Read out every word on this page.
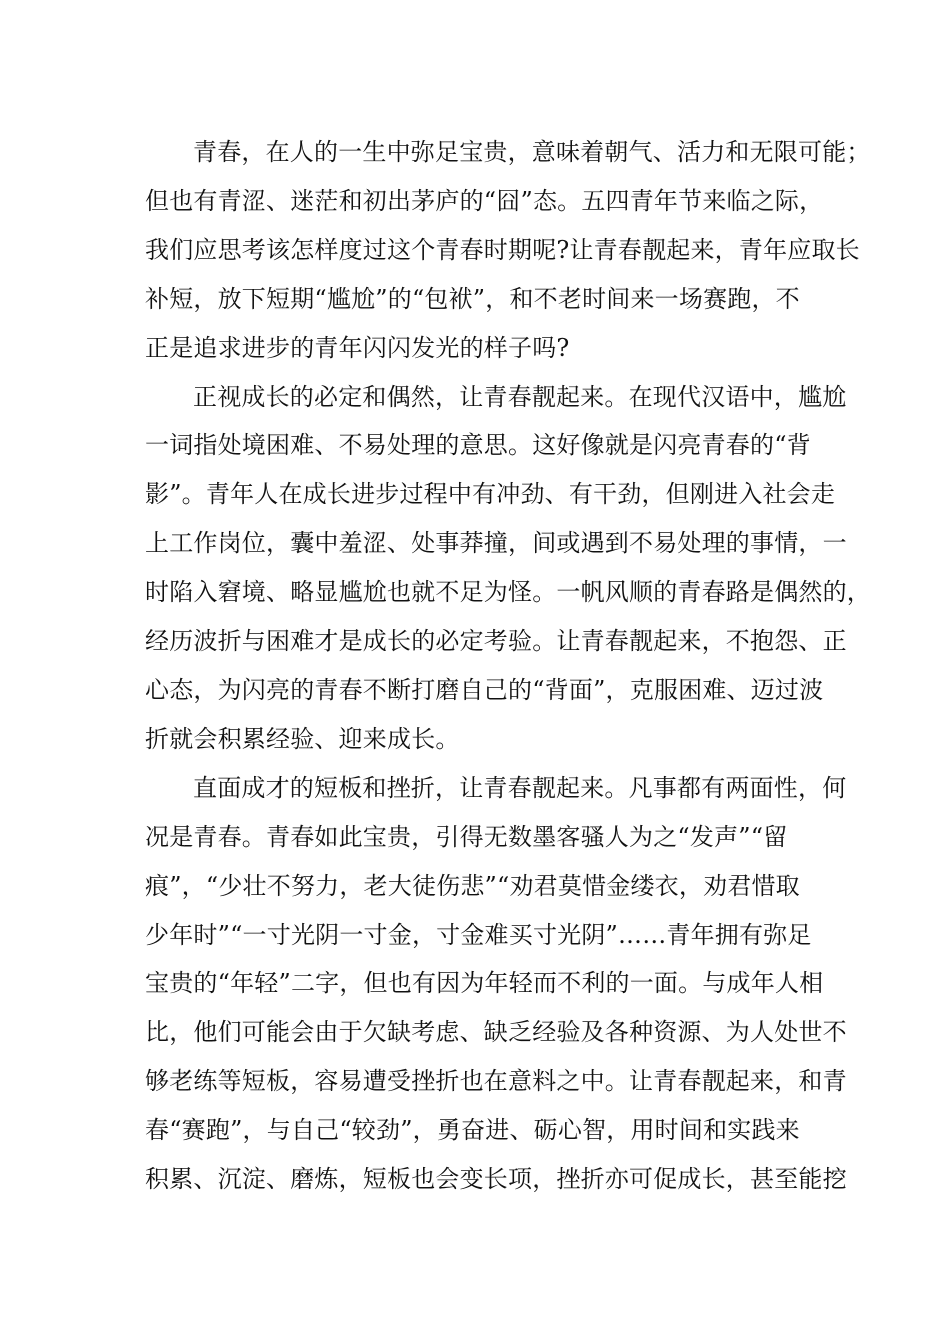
青春，在人的一生中弥足宝贵，意味着朝气、活力和无限可能；
但也有青涩、迷茫和初出茅庐的“囧”态。五四青年节来临之际，
我们应思考该怎样度过这个青春时期呢?让青春靓起来，青年应取长
补短，放下短期“尴尬”的“包袱”，和不老时间来一场赛跑，不
正是追求进步的青年闪闪发光的样子吗?
正视成长的必定和偶然，让青春靓起来。在现代汉语中，尴尬
一词指处境困难、不易处理的意思。这好像就是闪亮青春的“背
影”。青年人在成长进步过程中有冲劲、有干劲，但刚进入社会走
上工作岗位，囊中羞涩、处事莽撞，间或遇到不易处理的事情，一
时陷入窘境、略显尴尬也就不足为怪。一帆风顺的青春路是偶然的，
经历波折与困难才是成长的必定考验。让青春靓起来，不抱怨、正
心态，为闪亮的青春不断打磨自己的“背面”，克服困难、迈过波
折就会积累经验、迎来成长。
直面成才的短板和挫折，让青春靓起来。凡事都有两面性，何
况是青春。青春如此宝贵，引得无数墨客骚人为之“发声”“留
痕”，“少壮不努力，老大徒伤悲”“劝君莫惜金缕衣，劝君惜取
少年时”“一寸光阴一寸金，寸金难买寸光阴”……青年拥有弥足
宝贵的“年轻”二字，但也有因为年轻而不利的一面。与成年人相
比，他们可能会由于欠缺考虑、缺乏经验及各种资源、为人处世不
够老练等短板，容易遭受挫折也在意料之中。让青春靓起来，和青
春“赛跑”，与自己“较劲”，勇奋进、砺心智，用时间和实践来
积累、沉淀、磨炼，短板也会变长项，挫折亦可促成长，甚至能挖
